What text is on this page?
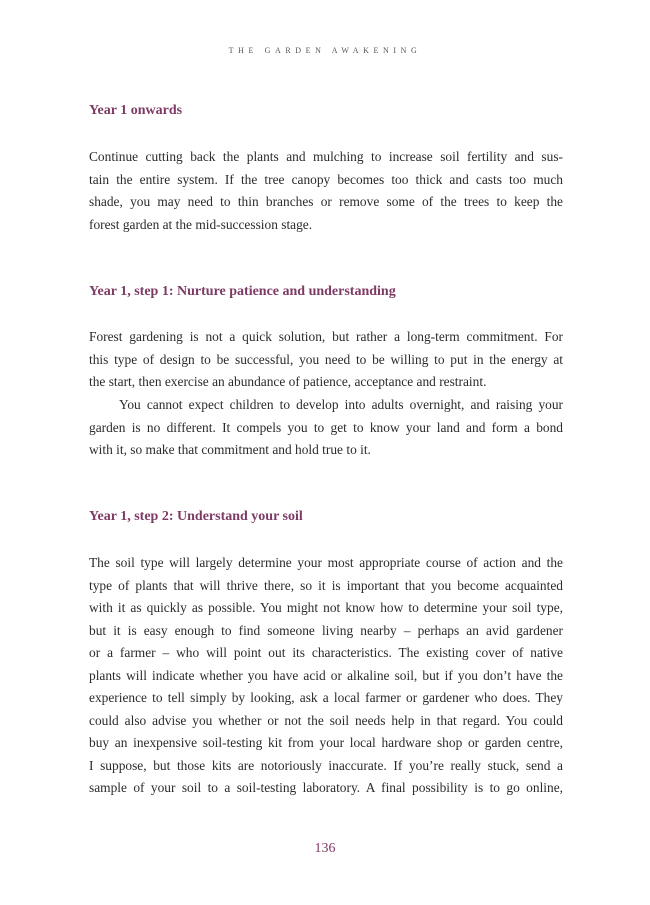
THE GARDEN AWAKENING
Year 1 onwards

Continue cutting back the plants and mulching to increase soil fertility and sus-
tain the entire system. If the tree canopy becomes too thick and casts too much
shade, you may need to thin branches or remove some of the trees to keep the
forest garden at the mid-succession stage.

Year 1, step 1: Nurture patience and understanding

Forest gardening is not a quick solution, but rather a long-term commitment. For
this type of design to be successful, you need to be willing to put in the energy at
the start, then exercise an abundance of patience, acceptance and restraint.

You cannot expect children to develop into adults overnight, and raising your
garden is no different. It compels you to get to know your land and form a bond
with it, so make that commitment and hold true to it.

Year 1, step 2: Understand your soil

The soil type will largely determine your most appropriate course of action and the
type of plants that will thrive there, so it is important that you become acquainted
with it as quickly as possible. You might not know how to determine your soil type,
but it is easy enough to find someone living nearby – perhaps an avid gardener
or a farmer – who will point out its characteristics. The existing cover of native
plants will indicate whether you have acid or alkaline soil, but if you don’t have the
experience to tell simply by looking, ask a local farmer or gardener who does. They
could also advise you whether or not the soil needs help in that regard. You could
buy an inexpensive soil-testing kit from your local hardware shop or garden centre,
I suppose, but those kits are notoriously inaccurate. If you’re really stuck, send a
sample of your soil to a soil-testing laboratory. A final possibility is to go online,

136
